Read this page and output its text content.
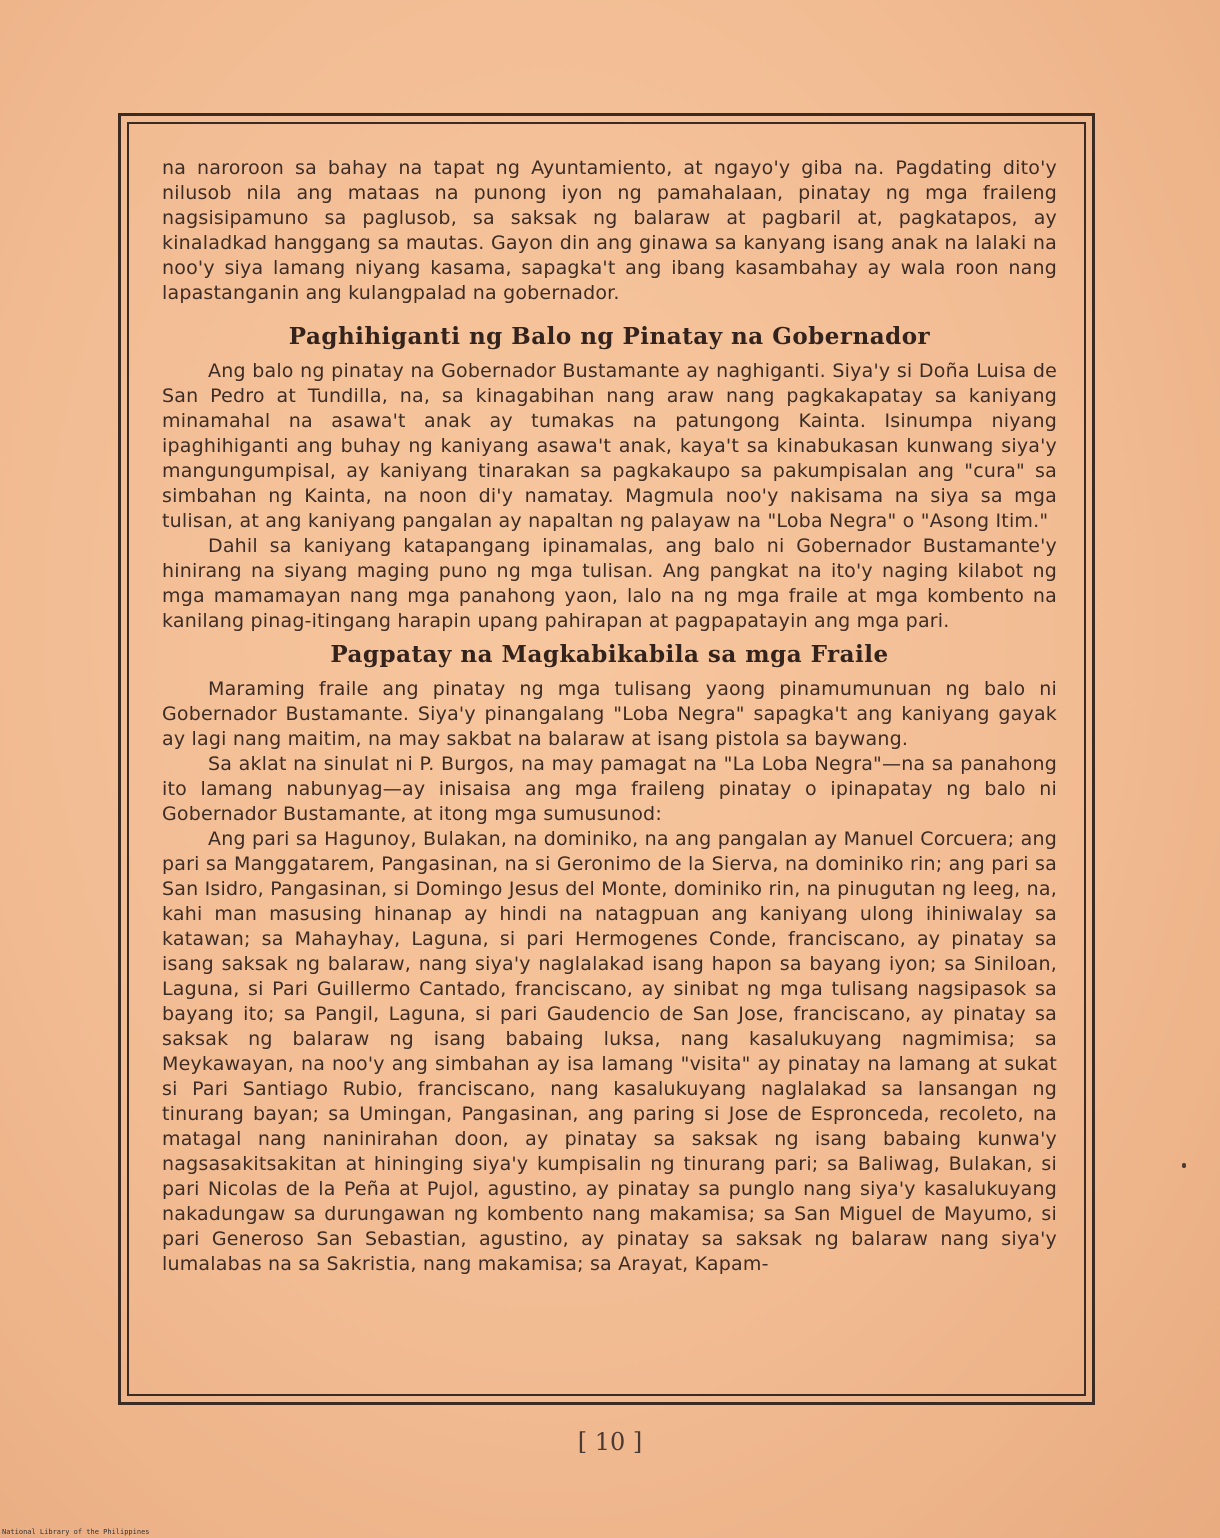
na naroroon sa bahay na tapat ng Ayuntamiento, at ngayo'y giba na. Pagdating dito'y nilusob nila ang mataas na punong iyon ng pamahalaan, pinatay ng mga fraileng nagsisipamuno sa paglusob, sa saksak ng balaraw at pagbaril at, pagkatapos, ay kinaladkad hanggang sa mautas. Gayon din ang ginawa sa kanyang isang anak na lalaki na noo'y siya lamang niyang kasama, sapagka't ang ibang kasambahay ay wala roon nang lapastanganin ang kulangpalad na gobernador.

Paghihiganti ng Balo ng Pinatay na Gobernador

Ang balo ng pinatay na Gobernador Bustamante ay naghiganti. Siya'y si Doña Luisa de San Pedro at Tundilla, na, sa kinagabihan nang araw nang pagkakapatay sa kaniyang minamahal na asawa't anak ay tumakas na patungong Kainta. Isinumpa niyang ipaghihiganti ang buhay ng kaniyang asawa't anak, kaya't sa kinabukasan kunwang siya'y mangungumpisal, ay kaniyang tinarakan sa pagkakaupo sa pakumpisalan ang "cura" sa simbahan ng Kainta, na noon di'y namatay. Magmula noo'y nakisama na siya sa mga tulisan, at ang kaniyang pangalan ay napaltan ng palayaw na "Loba Negra" o "Asong Itim."

Dahil sa kaniyang katapangang ipinamalas, ang balo ni Gobernador Bustamante'y hinirang na siyang maging puno ng mga tulisan. Ang pangkat na ito'y naging kilabot ng mga mamamayan nang mga panahong yaon, lalo na ng mga fraile at mga kombento na kanilang pinag-itingang harapin upang pahirapan at pagpapatayin ang mga pari.

Pagpatay na Magkabikabila sa mga Fraile

Maraming fraile ang pinatay ng mga tulisang yaong pinamumunuan ng balo ni Gobernador Bustamante. Siya'y pinangalang "Loba Negra" sapagka't ang kaniyang gayak ay lagi nang maitim, na may sakbat na balaraw at isang pistola sa baywang.

Sa aklat na sinulat ni P. Burgos, na may pamagat na "La Loba Negra"—na sa panahong ito lamang nabunyag—ay inisaisa ang mga fraileng pinatay o ipinapatay ng balo ni Gobernador Bustamante, at itong mga sumusunod:

Ang pari sa Hagunoy, Bulakan, na dominiko, na ang pangalan ay Manuel Corcuera; ang pari sa Manggatarem, Pangasinan, na si Geronimo de la Sierva, na dominiko rin; ang pari sa San Isidro, Pangasinan, si Domingo Jesus del Monte, dominiko rin, na pinugutan ng leeg, na, kahi man masusing hinanap ay hindi na natagpuan ang kaniyang ulong ihiniwalay sa katawan; sa Mahayhay, Laguna, si pari Hermogenes Conde, franciscano, ay pinatay sa isang saksak ng balaraw, nang siya'y naglalakad isang hapon sa bayang iyon; sa Siniloan, Laguna, si Pari Guillermo Cantado, franciscano, ay sinibat ng mga tulisang nagsipasok sa bayang ito; sa Pangil, Laguna, si pari Gaudencio de San Jose, franciscano, ay pinatay sa saksak ng balaraw ng isang babaing luksa, nang kasalukuyang nagmimisa; sa Meykawayan, na noo'y ang simbahan ay isa lamang "visita" ay pinatay na lamang at sukat si Pari Santiago Rubio, franciscano, nang kasalukuyang naglalakad sa lansangan ng tinurang bayan; sa Umingan, Pangasinan, ang paring si Jose de Espronceda, recoleto, na matagal nang naninirahan doon, ay pinatay sa saksak ng isang babaing kunwa'y nagsasakitsakitan at hininging siya'y kumpisalin ng tinurang pari; sa Baliwag, Bulakan, si pari Nicolas de la Peña at Pujol, agustino, ay pinatay sa punglo nang siya'y kasalukuyang nakadungaw sa durungawan ng kombento nang makamisa; sa San Miguel de Mayumo, si pari Generoso San Sebastian, agustino, ay pinatay sa saksak ng balaraw nang siya'y lumalabas na sa Sakristia, nang makamisa; sa Arayat, Kapam-

[ 10 ]
National Library of the Philippines
